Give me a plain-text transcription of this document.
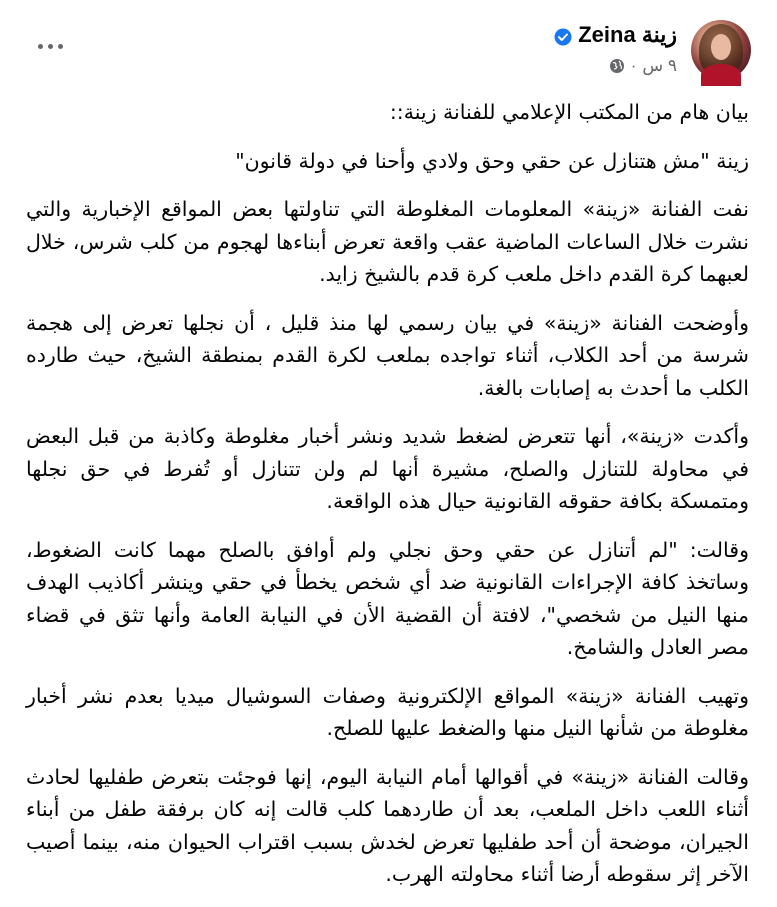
Zeina زينة
٩ س
·

بيان هام من المكتب الإعلامي للفنانة زينة::

زينة "مش هتنازل عن حقي وحق ولادي وأحنا في دولة قانون"

نفت الفنانة «زينة» المعلومات المغلوطة التي تناولتها بعض المواقع الإخبارية والتي نشرت خلال الساعات الماضية عقب واقعة تعرض أبناءها لهجوم من كلب شرس، خلال لعبهما كرة القدم داخل ملعب كرة قدم بالشيخ زايد.

وأوضحت الفنانة «زينة» في بيان رسمي لها منذ قليل ، أن نجلها تعرض إلى هجمة شرسة من أحد الكلاب، أثناء تواجده بملعب لكرة القدم بمنطقة الشيخ، حيث طارده الكلب ما أحدث به إصابات بالغة.

وأكدت «زينة»، أنها تتعرض لضغط شديد ونشر أخبار مغلوطة وكاذبة من قبل البعض في محاولة للتنازل والصلح، مشيرة أنها لم ولن تتنازل أو تُفرط في حق نجلها ومتمسكة بكافة حقوقه القانونية حيال هذه الواقعة.

وقالت: "لم أتنازل عن حقي وحق نجلي ولم أوافق بالصلح مهما كانت الضغوط، وساتخذ كافة الإجراءات القانونية ضد أي شخص يخطأ في حقي وينشر أكاذيب الهدف منها النيل من شخصي"، لافتة أن القضية الأن في النيابة العامة وأنها تثق في قضاء مصر العادل والشامخ.

وتهيب الفنانة «زينة» المواقع الإلكترونية وصفات السوشيال ميديا بعدم نشر أخبار مغلوطة من شأنها النيل منها والضغط عليها للصلح.

وقالت الفنانة «زينة» في أقوالها أمام النيابة اليوم، إنها فوجئت بتعرض طفليها لحادث أثناء اللعب داخل الملعب، بعد أن طاردهما كلب قالت إنه كان برفقة طفل من أبناء الجيران، موضحة أن أحد طفليها تعرض لخدش بسبب اقتراب الحيوان منه، بينما أصيب الآخر إثر سقوطه أرضا أثناء محاولته الهرب.
